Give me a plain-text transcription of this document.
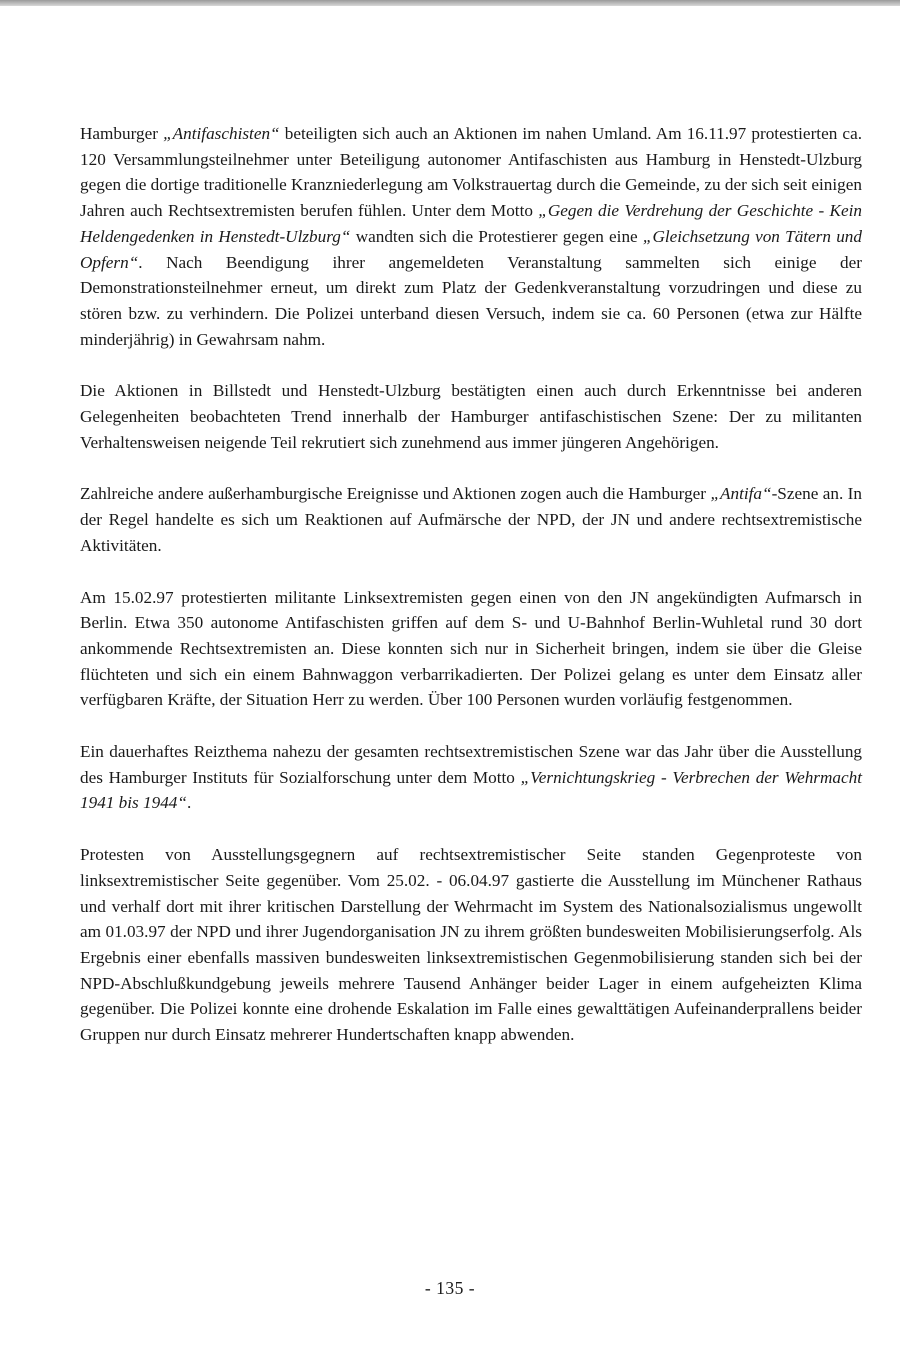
Hamburger „Antifaschisten“ beteiligten sich auch an Aktionen im nahen Umland. Am 16.11.97 protestierten ca. 120 Versammlungsteilnehmer unter Beteiligung autonomer Antifaschisten aus Hamburg in Henstedt-Ulzburg gegen die dortige traditionelle Kranzniederlegung am Volkstrauertag durch die Gemeinde, zu der sich seit einigen Jahren auch Rechtsextremisten berufen fühlen. Unter dem Motto „Gegen die Verdrehung der Geschichte - Kein Heldengedenken in Henstedt-Ulzburg“ wandten sich die Protestierer gegen eine „Gleichsetzung von Tätern und Opfern“. Nach Beendigung ihrer angemeldeten Veranstaltung sammelten sich einige der Demonstrationsteilnehmer erneut, um direkt zum Platz der Gedenkveranstaltung vorzudringen und diese zu stören bzw. zu verhindern. Die Polizei unterband diesen Versuch, indem sie ca. 60 Personen (etwa zur Hälfte minderjährig) in Gewahrsam nahm.

Die Aktionen in Billstedt und Henstedt-Ulzburg bestätigten einen auch durch Erkenntnisse bei anderen Gelegenheiten beobachteten Trend innerhalb der Hamburger antifaschistischen Szene: Der zu militanten Verhaltensweisen neigende Teil rekrutiert sich zunehmend aus immer jüngeren Angehörigen.

Zahlreiche andere außerhamburgische Ereignisse und Aktionen zogen auch die Hamburger „Antifa“-Szene an. In der Regel handelte es sich um Reaktionen auf Aufmärsche der NPD, der JN und andere rechtsextremistische Aktivitäten.

Am 15.02.97 protestierten militante Linksextremisten gegen einen von den JN angekündigten Aufmarsch in Berlin. Etwa 350 autonome Antifaschisten griffen auf dem S- und U-Bahnhof Berlin-Wuhletal rund 30 dort ankommende Rechtsextremisten an. Diese konnten sich nur in Sicherheit bringen, indem sie über die Gleise flüchteten und sich ein einem Bahnwaggon verbarrikadierten. Der Polizei gelang es unter dem Einsatz aller verfügbaren Kräfte, der Situation Herr zu werden. Über 100 Personen wurden vorläufig festgenommen.

Ein dauerhaftes Reizthema nahezu der gesamten rechtsextremistischen Szene war das Jahr über die Ausstellung des Hamburger Instituts für Sozialforschung unter dem Motto „Vernichtungskrieg - Verbrechen der Wehrmacht 1941 bis 1944“.

Protesten von Ausstellungsgegnern auf rechtsextremistischer Seite standen Gegenproteste von linksextremistischer Seite gegenüber. Vom 25.02. - 06.04.97 gastierte die Ausstellung im Münchener Rathaus und verhalf dort mit ihrer kritischen Darstellung der Wehrmacht im System des Nationalsozialismus ungewollt am 01.03.97 der NPD und ihrer Jugendorganisation JN zu ihrem größten bundesweiten Mobilisierungserfolg. Als Ergebnis einer ebenfalls massiven bundesweiten linksextremistischen Gegenmobilisierung standen sich bei der NPD-Abschlußkundgebung jeweils mehrere Tausend Anhänger beider Lager in einem aufgeheizten Klima gegenüber. Die Polizei konnte eine drohende Eskalation im Falle eines gewalttätigen Aufeinanderprallens beider Gruppen nur durch Einsatz mehrerer Hundertschaften knapp abwenden.

- 135 -
